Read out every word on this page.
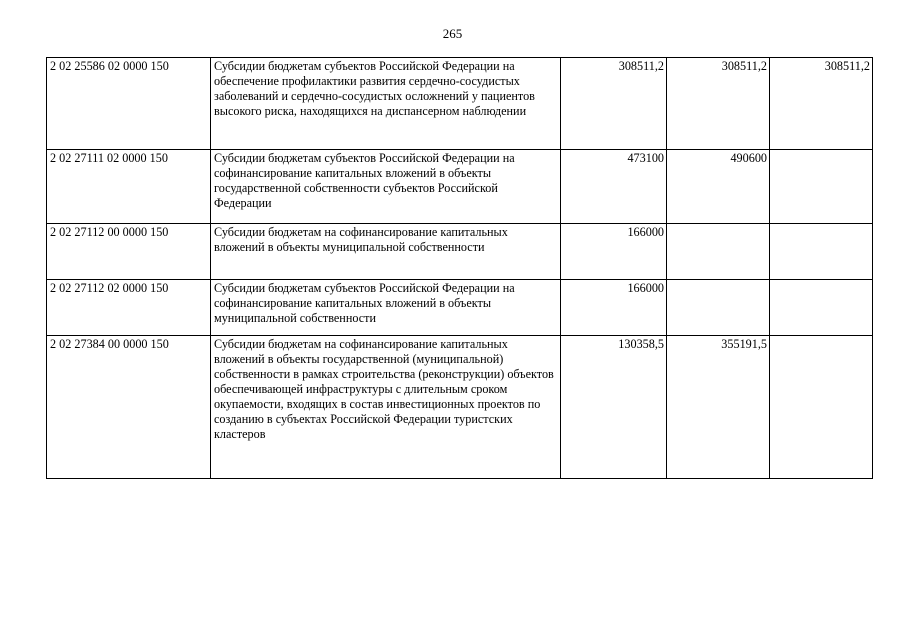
265
2 02 25586 02 0000 150	Субсидии бюджетам субъектов Российской Федерации на обеспечение профилактики развития сердечно-сосудистых заболеваний и сердечно-сосудистых осложнений у пациентов высокого риска, находящихся на диспансерном наблюдении	308511,2	308511,2	308511,2
2 02 27111 02 0000 150	Субсидии бюджетам субъектов Российской Федерации на софинансирование капитальных вложений в объекты государственной собственности субъектов Российской Федерации	473100	490600	
2 02 27112 00 0000 150	Субсидии бюджетам на софинансирование капитальных вложений в объекты муниципальной собственности	166000		
2 02 27112 02 0000 150	Субсидии бюджетам субъектов Российской Федерации на софинансирование капитальных вложений в объекты муниципальной собственности	166000		
2 02 27384 00 0000 150	Субсидии бюджетам на софинансирование капитальных вложений в объекты государственной (муниципальной) собственности в рамках строительства (реконструкции) объектов обеспечивающей инфраструктуры с длительным сроком окупаемости, входящих в состав инвестиционных проектов по созданию в субъектах Российской Федерации туристских кластеров	130358,5	355191,5	
